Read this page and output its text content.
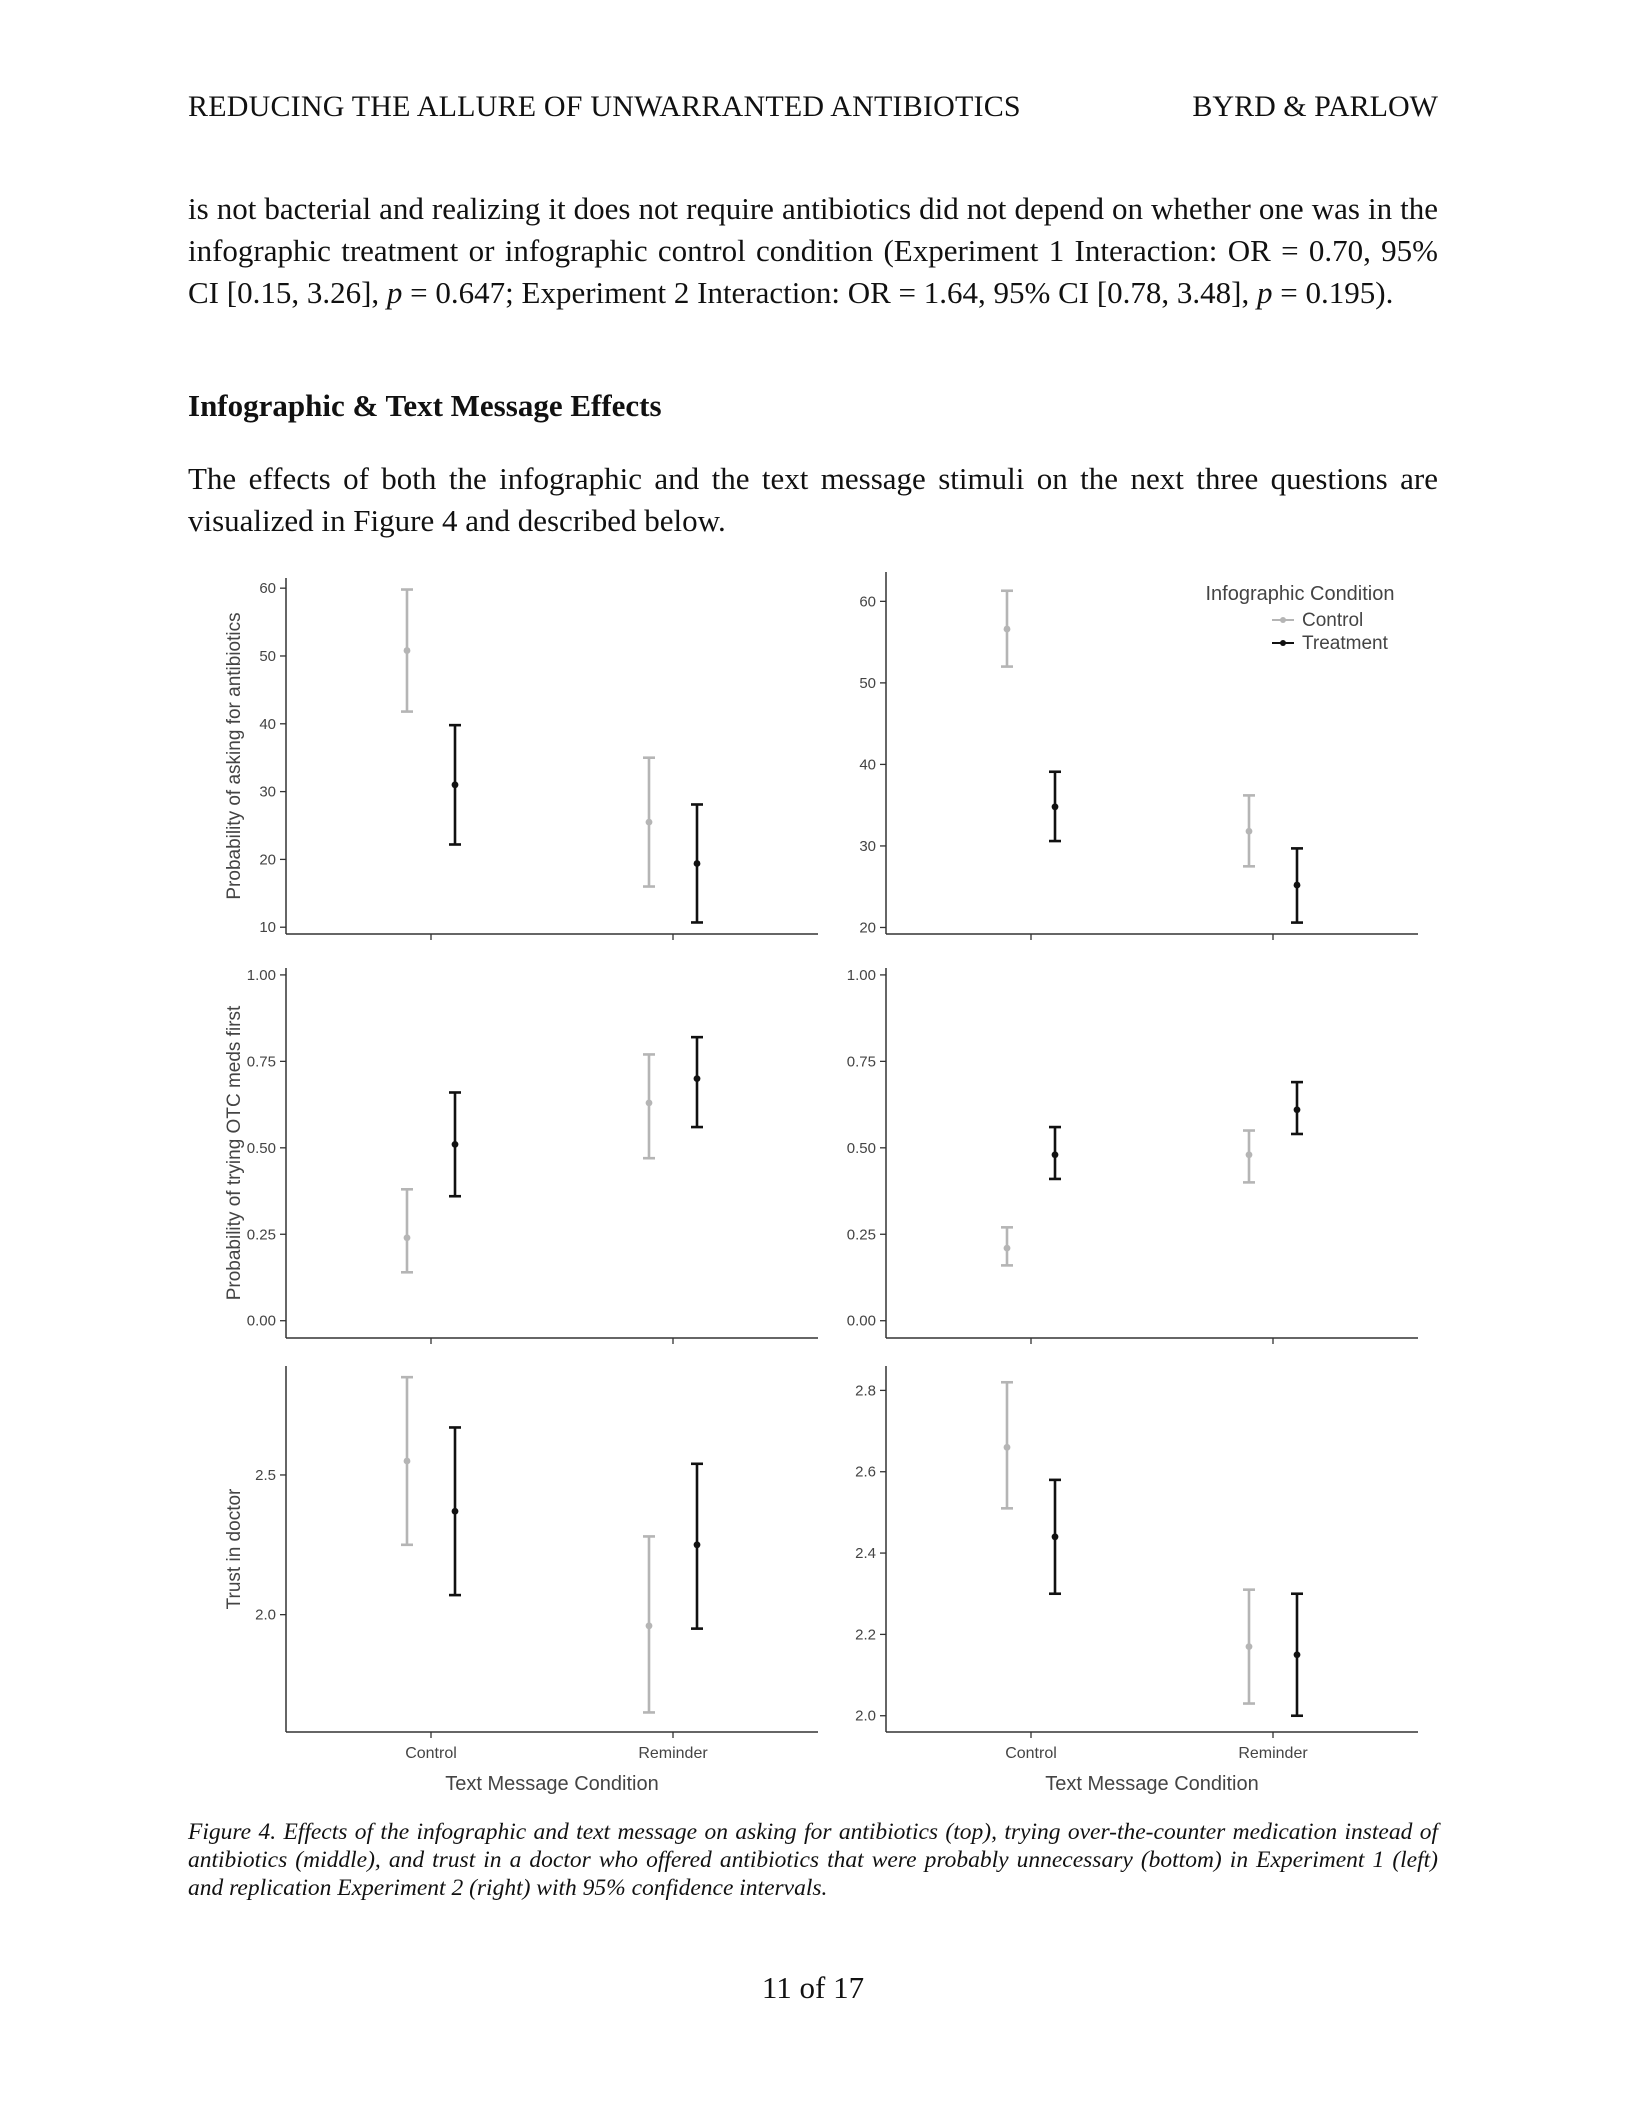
REDUCING THE ALLURE OF UNWARRANTED ANTIBIOTICS	BYRD & PARLOW
is not bacterial and realizing it does not require antibiotics did not depend on whether one was in the infographic treatment or infographic control condition (Experiment 1 Interaction: OR = 0.70, 95% CI [0.15, 3.26], p = 0.647; Experiment 2 Interaction: OR = 1.64, 95% CI [0.78, 3.48], p = 0.195).
Infographic & Text Message Effects
The effects of both the infographic and the text message stimuli on the next three questions are visualized in Figure 4 and described below.
10
20
30
40
50
60
Probability of asking for antibiotics
20
30
40
50
60	Infographic Condition
Control
Treatment
0.00
0.25
0.50
0.75
1.00
Probability of trying OTC meds first
0.00
0.25
0.50
0.75
1.00
2.0
2.5
Control	Reminder
Trust in doctor
Text Message Condition
2.0
2.2
2.4
2.6
2.8
Control	Reminder
Text Message Condition
Figure 4. Effects of the infographic and text message on asking for antibiotics (top), trying over-the-counter medication instead of antibiotics (middle), and trust in a doctor who offered antibiotics that were probably unnecessary (bottom) in Experiment 1 (left) and replication Experiment 2 (right) with 95% confidence intervals.
11 of 17
